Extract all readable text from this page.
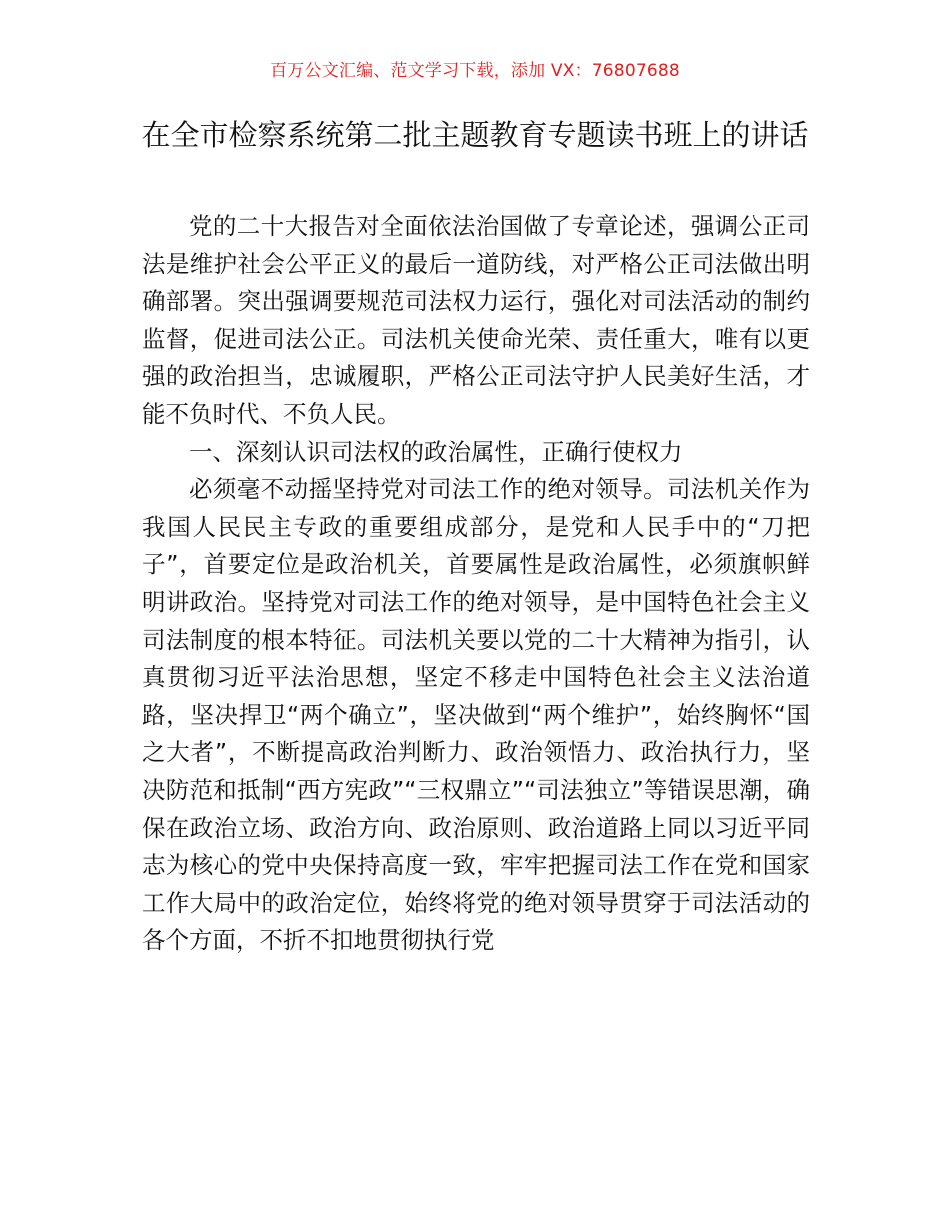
百万公文汇编、范文学习下载，添加 VX：76807688
在全市检察系统第二批主题教育专题读书班上的讲话

党的二十大报告对全面依法治国做了专章论述，强调公正司法是维护社会公平正义的最后一道防线，对严格公正司法做出明确部署。突出强调要规范司法权力运行，强化对司法活动的制约监督，促进司法公正。司法机关使命光荣、责任重大，唯有以更强的政治担当，忠诚履职，严格公正司法守护人民美好生活，才能不负时代、不负人民。

一、深刻认识司法权的政治属性，正确行使权力

必须毫不动摇坚持党对司法工作的绝对领导。司法机关作为我国人民民主专政的重要组成部分，是党和人民手中的“刀把子”，首要定位是政治机关，首要属性是政治属性，必须旗帜鲜明讲政治。坚持党对司法工作的绝对领导，是中国特色社会主义司法制度的根本特征。司法机关要以党的二十大精神为指引，认真贯彻习近平法治思想，坚定不移走中国特色社会主义法治道路，坚决捍卫“两个确立”，坚决做到“两个维护”，始终胸怀“国之大者”，不断提高政治判断力、政治领悟力、政治执行力，坚决防范和抵制“西方宪政”“三权鼎立”“司法独立”等错误思潮，确保在政治立场、政治方向、政治原则、政治道路上同以习近平同志为核心的党中央保持高度一致，牢牢把握司法工作在党和国家工作大局中的政治定位，始终将党的绝对领导贯穿于司法活动的各个方面，不折不扣地贯彻执行党
